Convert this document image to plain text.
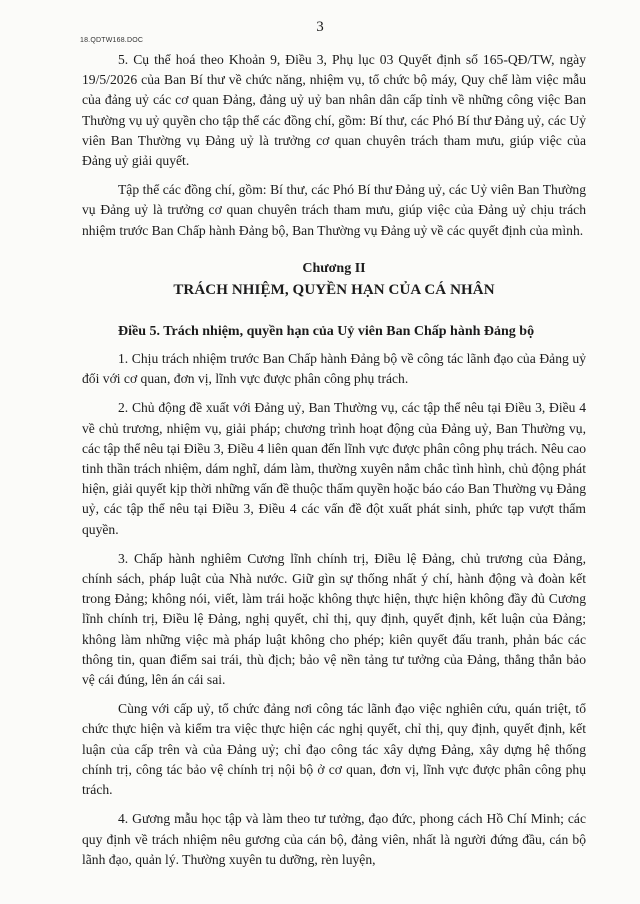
18.QDTW168.DOC
3

5. Cụ thể hoá theo Khoản 9, Điều 3, Phụ lục 03 Quyết định số 165-QĐ/TW, ngày 19/5/2026 của Ban Bí thư về chức năng, nhiệm vụ, tổ chức bộ máy, Quy chế làm việc mẫu của đảng uỷ các cơ quan Đảng, đảng uỷ uỷ ban nhân dân cấp tỉnh về những công việc Ban Thường vụ uỷ quyền cho tập thể các đồng chí, gồm: Bí thư, các Phó Bí thư Đảng uỷ, các Uỷ viên Ban Thường vụ Đảng uỷ là trưởng cơ quan chuyên trách tham mưu, giúp việc của Đảng uỷ giải quyết.

Tập thể các đồng chí, gồm: Bí thư, các Phó Bí thư Đảng uỷ, các Uỷ viên Ban Thường vụ Đảng uỷ là trưởng cơ quan chuyên trách tham mưu, giúp việc của Đảng uỷ chịu trách nhiệm trước Ban Chấp hành Đảng bộ, Ban Thường vụ Đảng uỷ về các quyết định của mình.

Chương II
TRÁCH NHIỆM, QUYỀN HẠN CỦA CÁ NHÂN

Điều 5. Trách nhiệm, quyền hạn của Uỷ viên Ban Chấp hành Đảng bộ

1. Chịu trách nhiệm trước Ban Chấp hành Đảng bộ về công tác lãnh đạo của Đảng uỷ đối với cơ quan, đơn vị, lĩnh vực được phân công phụ trách.

2. Chủ động đề xuất với Đảng uỷ, Ban Thường vụ, các tập thể nêu tại Điều 3, Điều 4 về chủ trương, nhiệm vụ, giải pháp; chương trình hoạt động của Đảng uỷ, Ban Thường vụ, các tập thể nêu tại Điều 3, Điều 4 liên quan đến lĩnh vực được phân công phụ trách. Nêu cao tinh thần trách nhiệm, dám nghĩ, dám làm, thường xuyên nắm chắc tình hình, chủ động phát hiện, giải quyết kịp thời những vấn đề thuộc thẩm quyền hoặc báo cáo Ban Thường vụ Đảng uỷ, các tập thể nêu tại Điều 3, Điều 4 các vấn đề đột xuất phát sinh, phức tạp vượt thẩm quyền.

3. Chấp hành nghiêm Cương lĩnh chính trị, Điều lệ Đảng, chủ trương của Đảng, chính sách, pháp luật của Nhà nước. Giữ gìn sự thống nhất ý chí, hành động và đoàn kết trong Đảng; không nói, viết, làm trái hoặc không thực hiện, thực hiện không đầy đủ Cương lĩnh chính trị, Điều lệ Đảng, nghị quyết, chỉ thị, quy định, quyết định, kết luận của Đảng; không làm những việc mà pháp luật không cho phép; kiên quyết đấu tranh, phản bác các thông tin, quan điểm sai trái, thù địch; bảo vệ nền tảng tư tưởng của Đảng, thẳng thắn bảo vệ cái đúng, lên án cái sai.

Cùng với cấp uỷ, tổ chức đảng nơi công tác lãnh đạo việc nghiên cứu, quán triệt, tổ chức thực hiện và kiểm tra việc thực hiện các nghị quyết, chỉ thị, quy định, quyết định, kết luận của cấp trên và của Đảng uỷ; chỉ đạo công tác xây dựng Đảng, xây dựng hệ thống chính trị, công tác bảo vệ chính trị nội bộ ở cơ quan, đơn vị, lĩnh vực được phân công phụ trách.

4. Gương mẫu học tập và làm theo tư tưởng, đạo đức, phong cách Hồ Chí Minh; các quy định về trách nhiệm nêu gương của cán bộ, đảng viên, nhất là người đứng đầu, cán bộ lãnh đạo, quản lý. Thường xuyên tu dưỡng, rèn luyện,
